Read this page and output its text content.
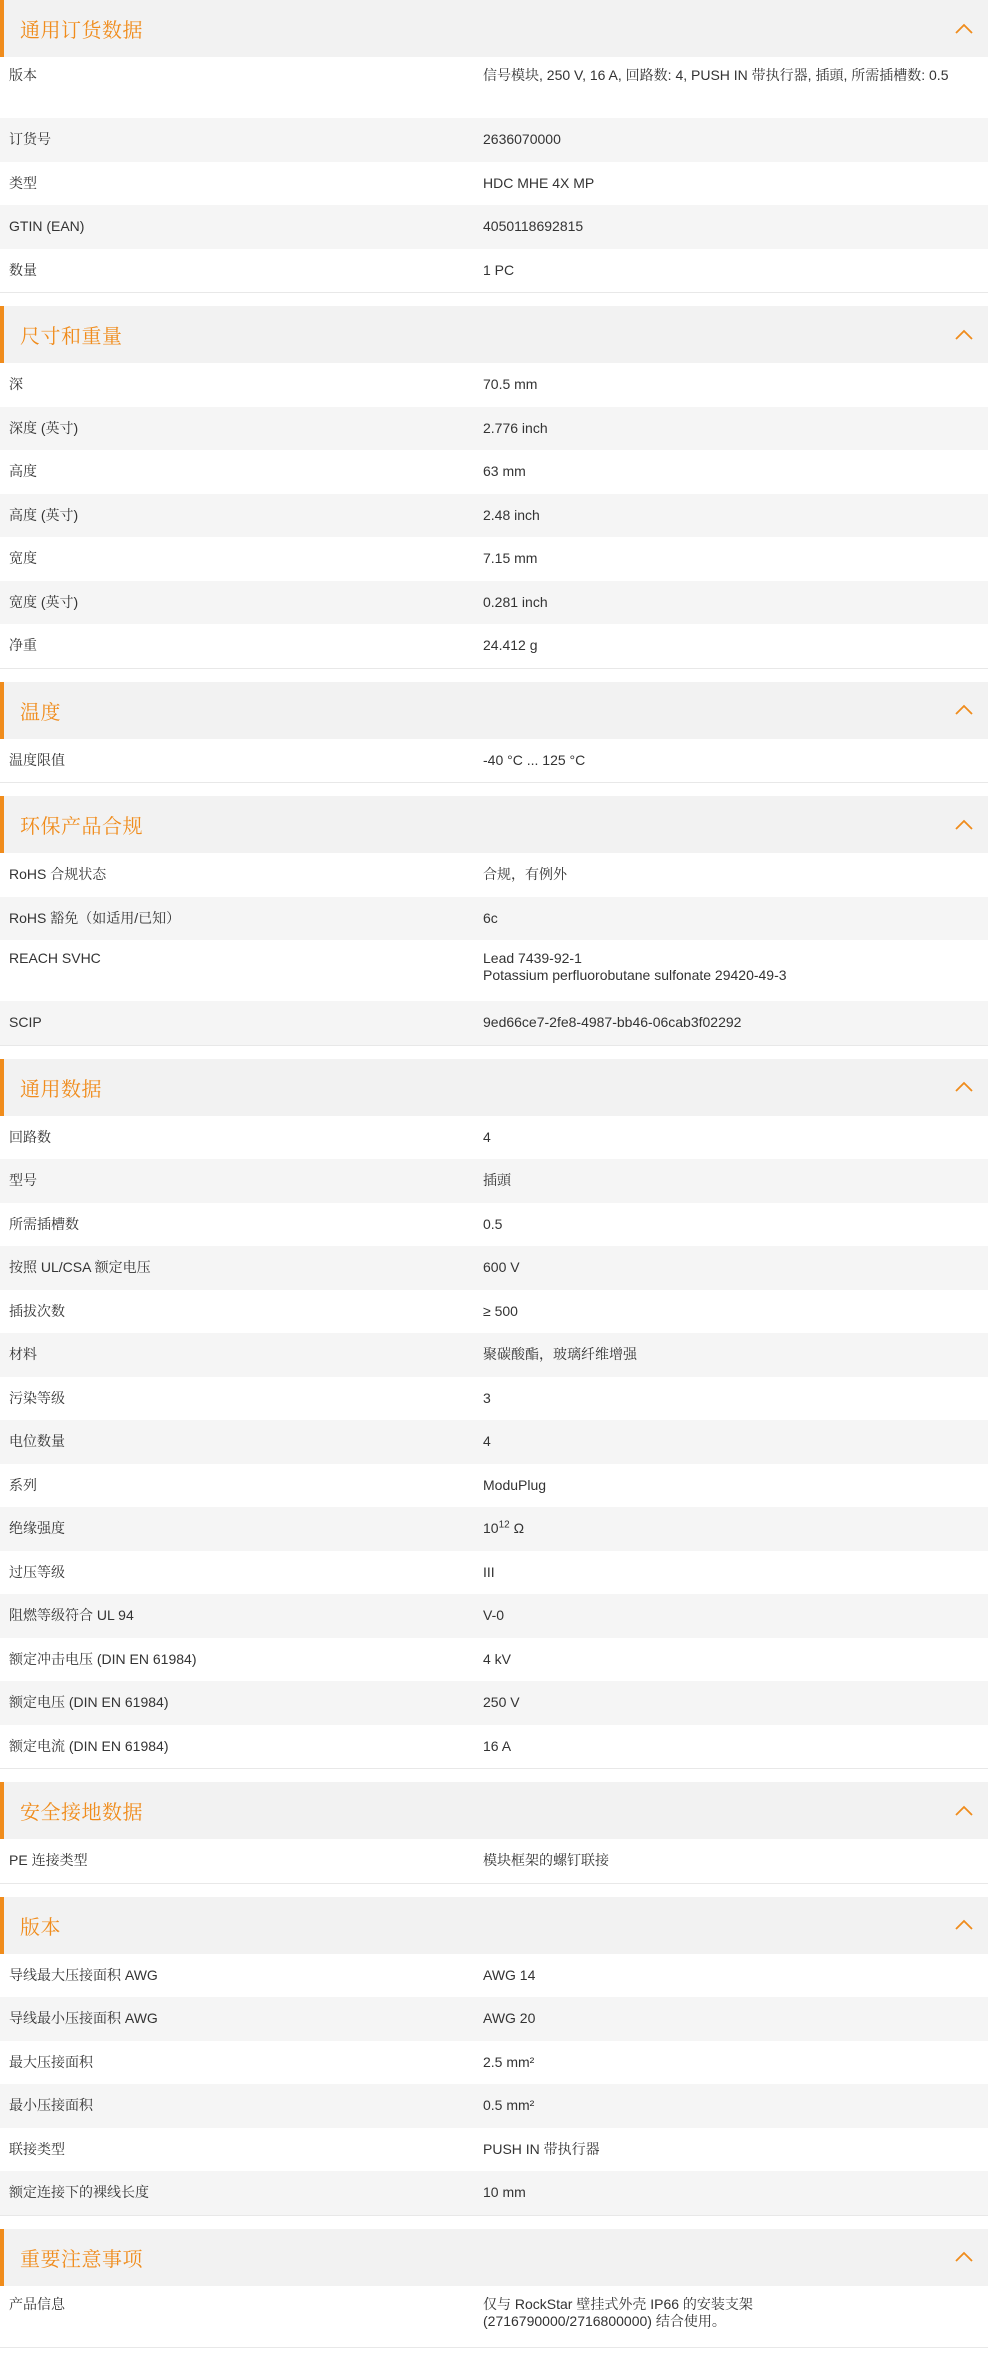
通用订货数据
版本	信号模块, 250 V, 16 A, 回路数: 4, PUSH IN 带执行器, 插頭, 所需插槽数: 0.5
订货号	2636070000
类型	HDC MHE 4X MP
GTIN (EAN)	4050118692815
数量	1 PC
尺寸和重量
深	70.5 mm
深度 (英寸)	2.776 inch
高度	63 mm
高度 (英寸)	2.48 inch
宽度	7.15 mm
宽度 (英寸)	0.281 inch
净重	24.412 g
温度
温度限值	-40 °C ... 125 °C
环保产品合规
RoHS 合规状态	合规，有例外
RoHS 豁免（如适用/已知）	6c
REACH SVHC	Lead 7439-92-1
Potassium perfluorobutane sulfonate 29420-49-3
SCIP	9ed66ce7-2fe8-4987-bb46-06cab3f02292
通用数据
回路数	4
型号	插頭
所需插槽数	0.5
按照 UL/CSA 额定电压	600 V
插拔次数	≥ 500
材料	聚碳酸酯，玻璃纤维增强
污染等级	3
电位数量	4
系列	ModuPlug
绝缘强度	$10^{12}$ Ω
过压等级	III
阻燃等级符合 UL 94	V-0
额定冲击电压 (DIN EN 61984)	4 kV
额定电压 (DIN EN 61984)	250 V
额定电流 (DIN EN 61984)	16 A
安全接地数据
PE 连接类型	模块框架的螺钉联接
版本
导线最大压接面积 AWG	AWG 14
导线最小压接面积 AWG	AWG 20
最大压接面积	2.5 mm²
最小压接面积	0.5 mm²
联接类型	PUSH IN 带执行器
额定连接下的裸线长度	10 mm
重要注意事项
产品信息	仅与 RockStar 壁挂式外壳 IP66 的安装支架
(2716790000/2716800000) 结合使用。
